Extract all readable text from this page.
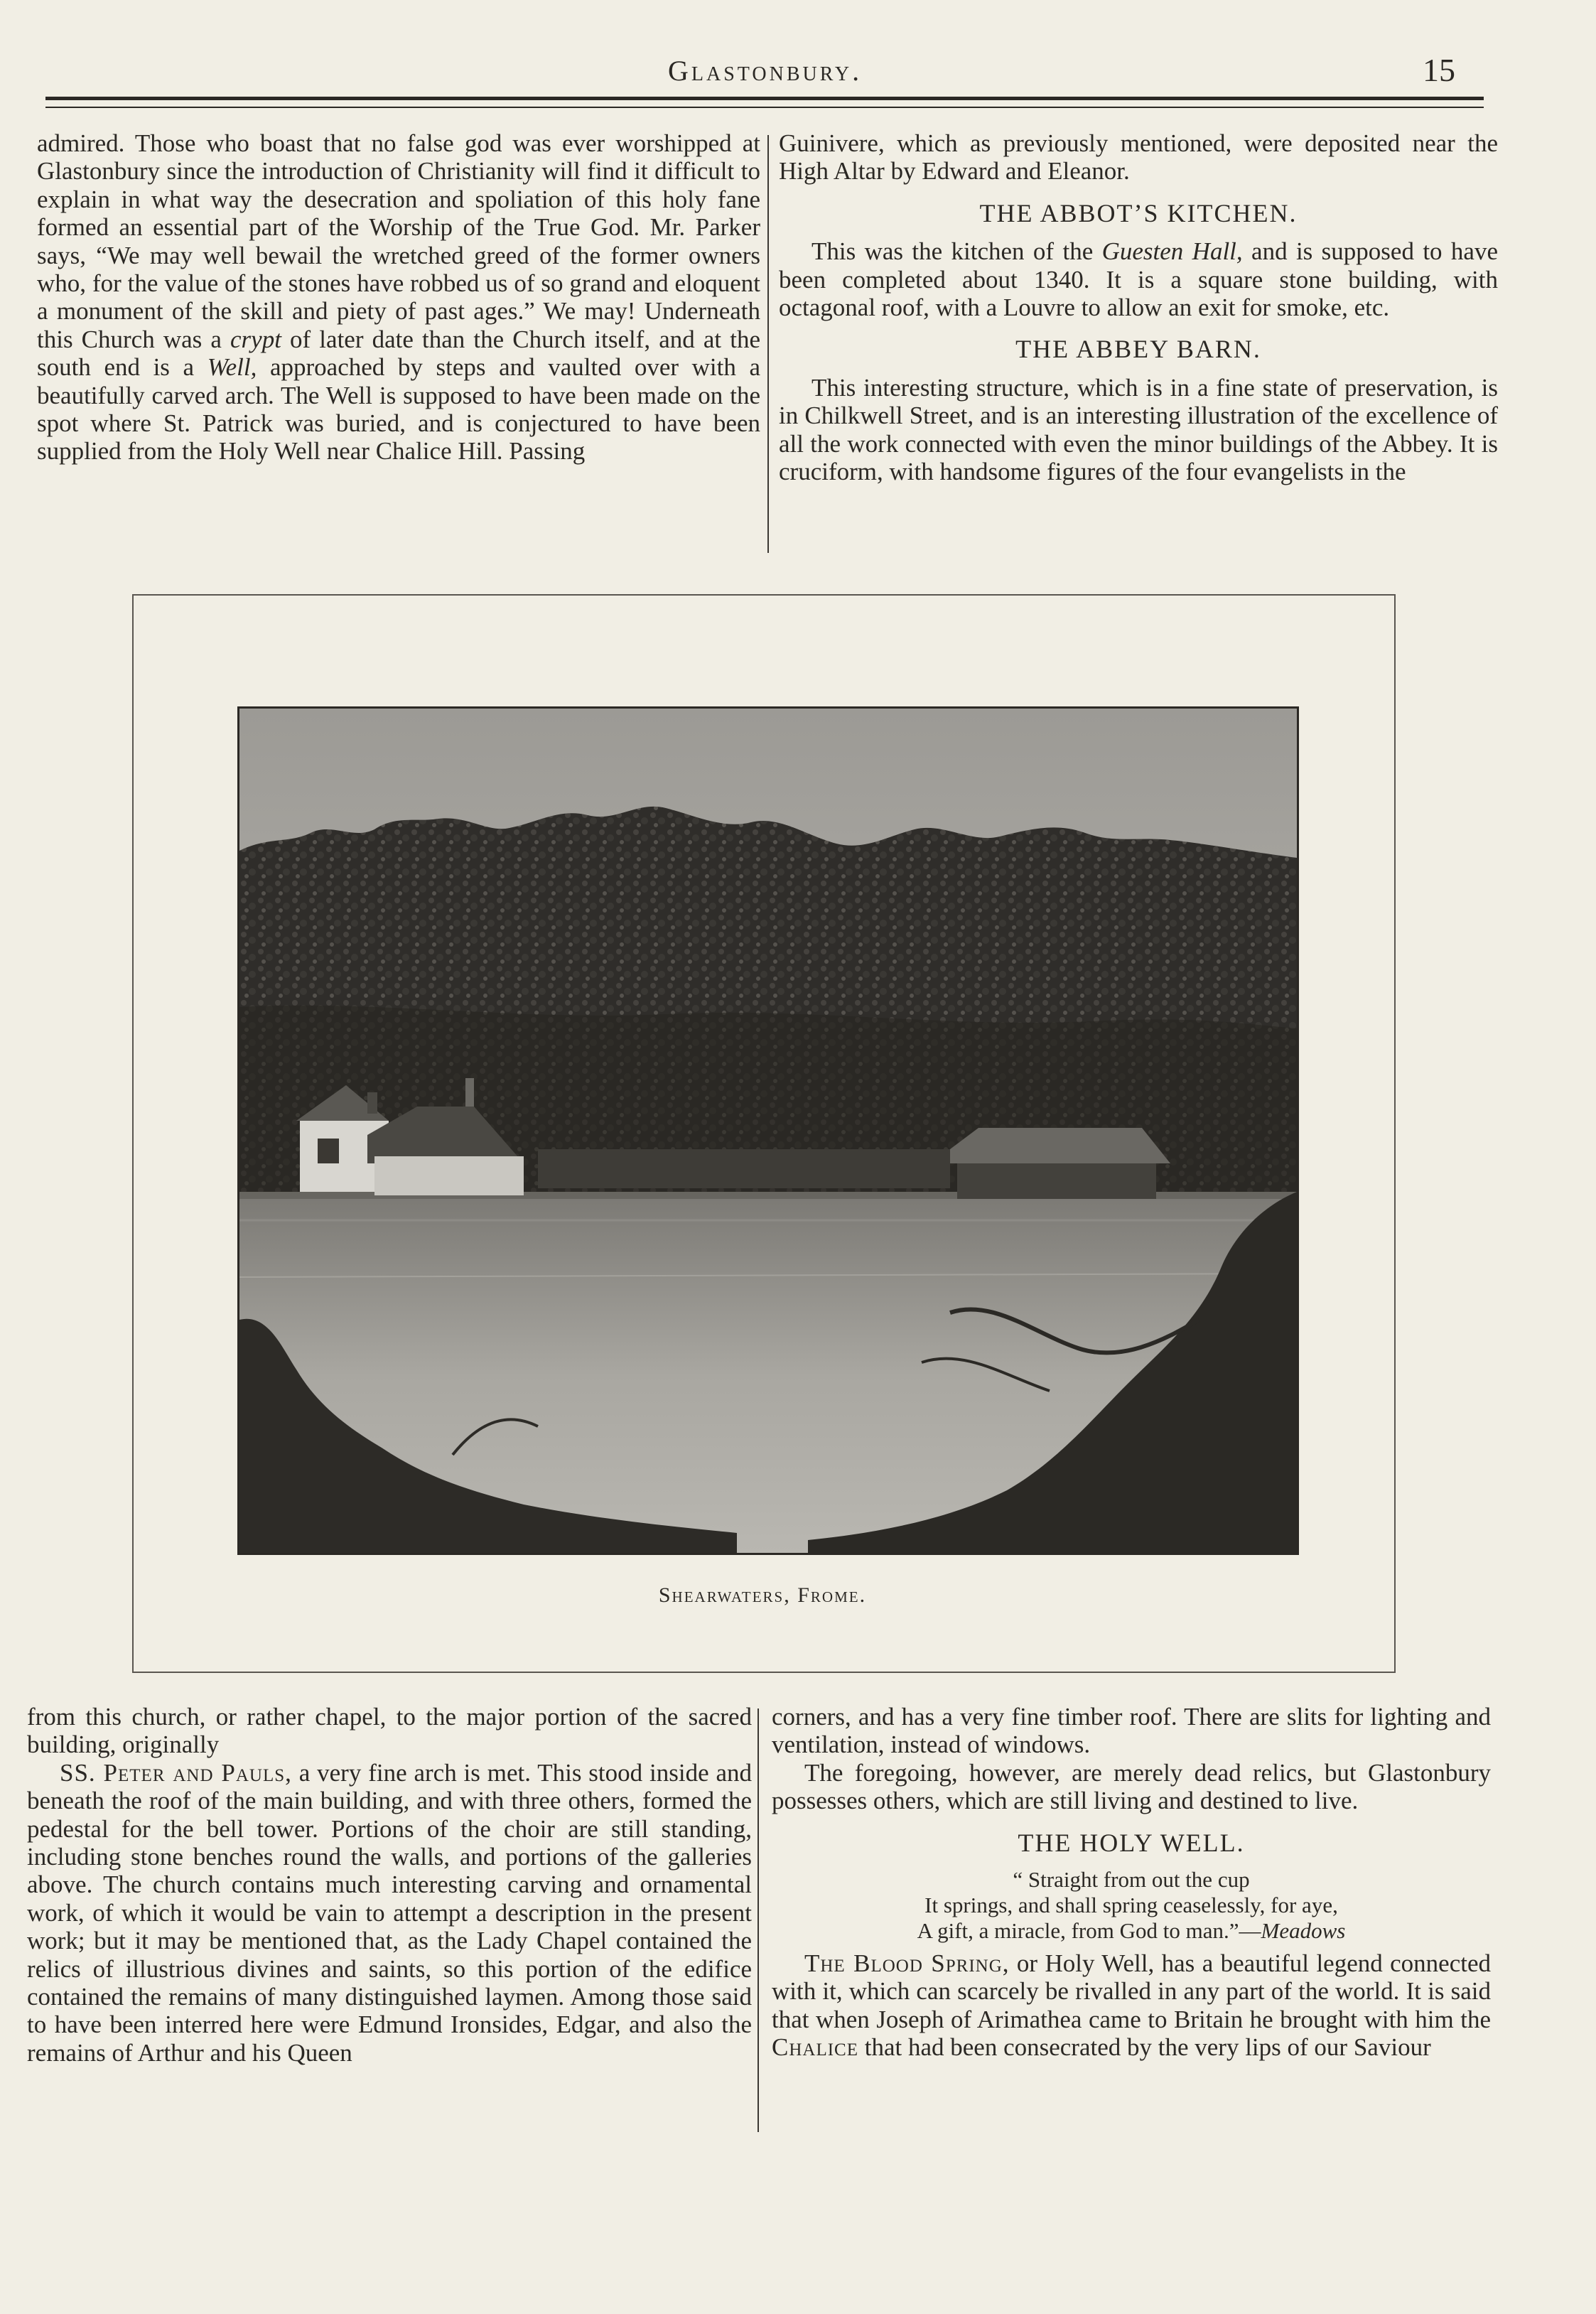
Glastonbury.	15

admired. Those who boast that no false god was ever worshipped at Glastonbury since the introduction of Christianity will find it difficult to explain in what way the desecration and spoliation of this holy fane formed an essential part of the Worship of the True God. Mr. Parker says, “We may well bewail the wretched greed of the former owners who, for the value of the stones have robbed us of so grand and eloquent a monument of the skill and piety of past ages.” We may! Underneath this Church was a crypt of later date than the Church itself, and at the south end is a Well, approached by steps and vaulted over with a beautifully carved arch. The Well is supposed to have been made on the spot where St. Patrick was buried, and is conjectured to have been supplied from the Holy Well near Chalice Hill. Passing

Guinivere, which as previously mentioned, were deposited near the High Altar by Edward and Eleanor.

THE ABBOT’S KITCHEN.

This was the kitchen of the Guesten Hall, and is supposed to have been completed about 1340. It is a square stone building, with octagonal roof, with a Louvre to allow an exit for smoke, etc.

THE ABBEY BARN.

This interesting structure, which is in a fine state of preservation, is in Chilkwell Street, and is an interesting illustration of the excellence of all the work connected with even the minor buildings of the Abbey. It is cruciform, with handsome figures of the four evangelists in the

Shearwaters, Frome.

from this church, or rather chapel, to the major portion of the sacred building, originally

SS. Peter and Pauls, a very fine arch is met. This stood inside and beneath the roof of the main building, and with three others, formed the pedestal for the bell tower. Portions of the choir are still standing, including stone benches round the walls, and portions of the galleries above. The church contains much interesting carving and ornamental work, of which it would be vain to attempt a description in the present work; but it may be mentioned that, as the Lady Chapel contained the relics of illustrious divines and saints, so this portion of the edifice contained the remains of many distinguished laymen. Among those said to have been interred here were Edmund Ironsides, Edgar, and also the remains of Arthur and his Queen

corners, and has a very fine timber roof. There are slits for lighting and ventilation, instead of windows.

The foregoing, however, are merely dead relics, but Glastonbury possesses others, which are still living and destined to live.

THE HOLY WELL.
“ Straight from out the cup
It springs, and shall spring ceaselessly, for aye,
A gift, a miracle, from God to man.”—Meadows

The Blood Spring, or Holy Well, has a beautiful legend connected with it, which can scarcely be rivalled in any part of the world. It is said that when Joseph of Arimathea came to Britain he brought with him the Chalice that had been consecrated by the very lips of our Saviour
